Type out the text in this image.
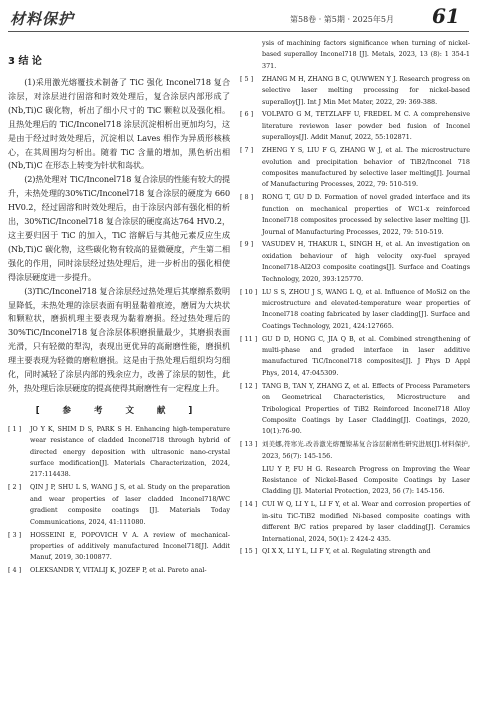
材料保护	第58卷 · 第5期 · 2025年5月 61
3 结 论

(1)采用激光熔覆技术制备了 TiC 强化 Inconel718 复合涂层，对涂层进行固溶和时效处理后，复合涂层内部形成了(Nb,Ti)C 碳化物，析出了细小尺寸的 TiC 颗粒以及强化相。且热处理后的 TiC/Inconel718 涂层沉淀相析出更加均匀，这是由于经过时效处理后，沉淀相以 Laves 相作为异质形核核心，在其周围均匀析出。随着 TiC 含量的增加，黑色析出相(Nb,Ti)C 在形态上转变为针状和岛状。

(2)热处理对 TiC/Inconel718 复合涂层的性能有较大的提升，未热处理的30%TiC/Inconel718 复合涂层的硬度为 660 HV0.2，经过固溶和时效处理后，由于涂层内部有强化相的析出，30%TiC/Inconel718 复合涂层的硬度高达764 HV0.2，这主要归因于 TiC 的加入，TiC 溶解后与其他元素反应生成(Nb,Ti)C 碳化物，这些碳化物有较高的显微硬度，产生第二相强化的作用，同时涂层经过热处理后，进一步析出的强化相使得涂层硬度进一步提升。

(3)TiC/Inconel718 复合涂层经过热处理后其摩擦系数明显降低，未热处理的涂层表面有明显黏着痕迹，磨屑为大块状和颗粒状，磨损机理主要表现为黏着磨损。经过热处理后的 30%TiC/Inconel718 复合涂层体积磨损量最少，其磨损表面光滑，只有轻微的犁沟，表现出更优异的高耐磨性能，磨损机理主要表现为轻微的磨粒磨损。这是由于热处理后组织均匀细化，同时减轻了涂层内部的残余应力，改善了涂层的韧性，此外，热处理后涂层硬度的提高使得其耐磨性有一定程度上升。

[ 参 考 文 献 ]
[ 1 ]	JO Y K, SHIM D S, PARK S H. Enhancing high-temperature wear resistance of cladded Inconel718 through hybrid of directed energy deposition with ultrasonic nano-crystal surface modification[J]. Materials Characterization, 2024, 217:114438.
[ 2 ]	QIN J P, SHU L S, WANG J S, et al. Study on the preparation and wear properties of laser cladded Inconel718/WC gradient composite coatings [J]. Materials Today Communications, 2024, 41:111080.
[ 3 ]	HOSSEINI E, POPOVICH V A. A review of mechanical-properties of additively manufactured Inconel718[J]. Addit Manuf, 2019, 30:100877.
[ 4 ]	OLEKSANDR Y, VITALIJ K, JOZEF P, et al. Pareto anal-
ysis of machining factors significance when turning of nickel-based superalloy Inconel718 [J]. Metals, 2023, 13 (8): 1 354-1 371.
[ 5 ]	ZHANG M H, ZHANG B C, QUWWEN Y J. Research progress on selective laser melting processing for nickel-based superalloy[J]. Int J Min Met Mater, 2022, 29: 369-388.
[ 6 ]	VOLPATO G M, TETZLAFF U, FREDEL M C. A comprehensive literature reviewon laser powder bed fusion of Inconel superalloys[J]. Addit Manuf, 2022, 55:102871.
[ 7 ]	ZHENG Y S, LIU F G, ZHANG W J, et al. The microstructure evolution and precipitation behavior of TiB2/Inconel 718 composites manufactured by selective laser melting[J]. Journal of Manufacturing Processes, 2022, 79: 510-519.
[ 8 ]	RONG T, GU D D. Formation of novel graded interface and its function on mechanical properties of WC1-x reinforced Inconel718 composites processed by selective laser melting [J]. Journal of Manufacturing Processes, 2022, 79: 510-519.
[ 9 ]	VASUDEV H, THAKUR L, SINGH H, et al. An investigation on oxidation behaviour of high velocity oxy-fuel sprayed Inconel718-Al2O3 composite coatings[J]. Surface and Coatings Technology, 2020, 393:125770.
[ 10 ] LU S S, ZHOU J S, WANG L Q, et al. Influence of MoSi2 on the microstructure and elevated-temperature wear properties of Inconel718 coating fabricated by laser cladding[J]. Surface and Coatings Technology, 2021, 424:127665.
[ 11 ] GU D D, HONG C, JIA Q B, et al. Combined strengthening of multi-phase and graded interface in laser additive manufactured TiC/Inconel718 composites[J]. J Phys D Appl Phys, 2014, 47:045309.
[ 12 ] TANG B, TAN Y, ZHANG Z, et al. Effects of Process Parameters on Geometrical Characteristics, Microstructure and Tribological Properties of TiB2 Reinforced Inconel718 Alloy Composite Coatings by Laser Cladding[J]. Coatings, 2020, 10(1):76-90.
[ 13 ] 刘美娜,符寒光.改善激光熔覆镍基复合涂层耐磨性研究进展[J].材料保护, 2023, 56(7): 145-156.
LIU Y P, FU H G. Research Progress on Improving the Wear Resistance of Nickel-Based Composite Coatings by Laser Cladding [J]. Material Protection, 2023, 56 (7): 145-156.
[ 14 ] CUI W Q, LI Y L, LI F Y, et al. Wear and corrosion properties of in-situ TiC-TiB2 modified Ni-based composite coatings with different B/C ratios prepared by laser cladding[J]. Ceramics International, 2024, 50(1): 2 424-2 435.
[ 15 ] QI X X, LI Y L, LI F Y, et al. Regulating strength and
